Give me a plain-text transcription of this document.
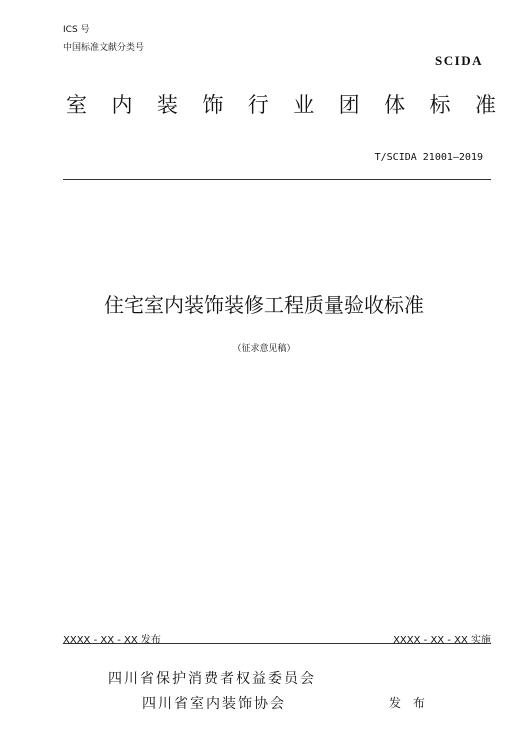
ICS 号
中国标准文献分类号
SCIDA
室 内 装 饰 行 业 团 体 标 准
T/SCIDA 21001—2019
住宅室内装饰装修工程质量验收标准
（征求意见稿）
XXXX - XX - XX 发布	XXXX - XX - XX 实施
四川省保护消费者权益委员会
四川省室内装饰协会	发 布
